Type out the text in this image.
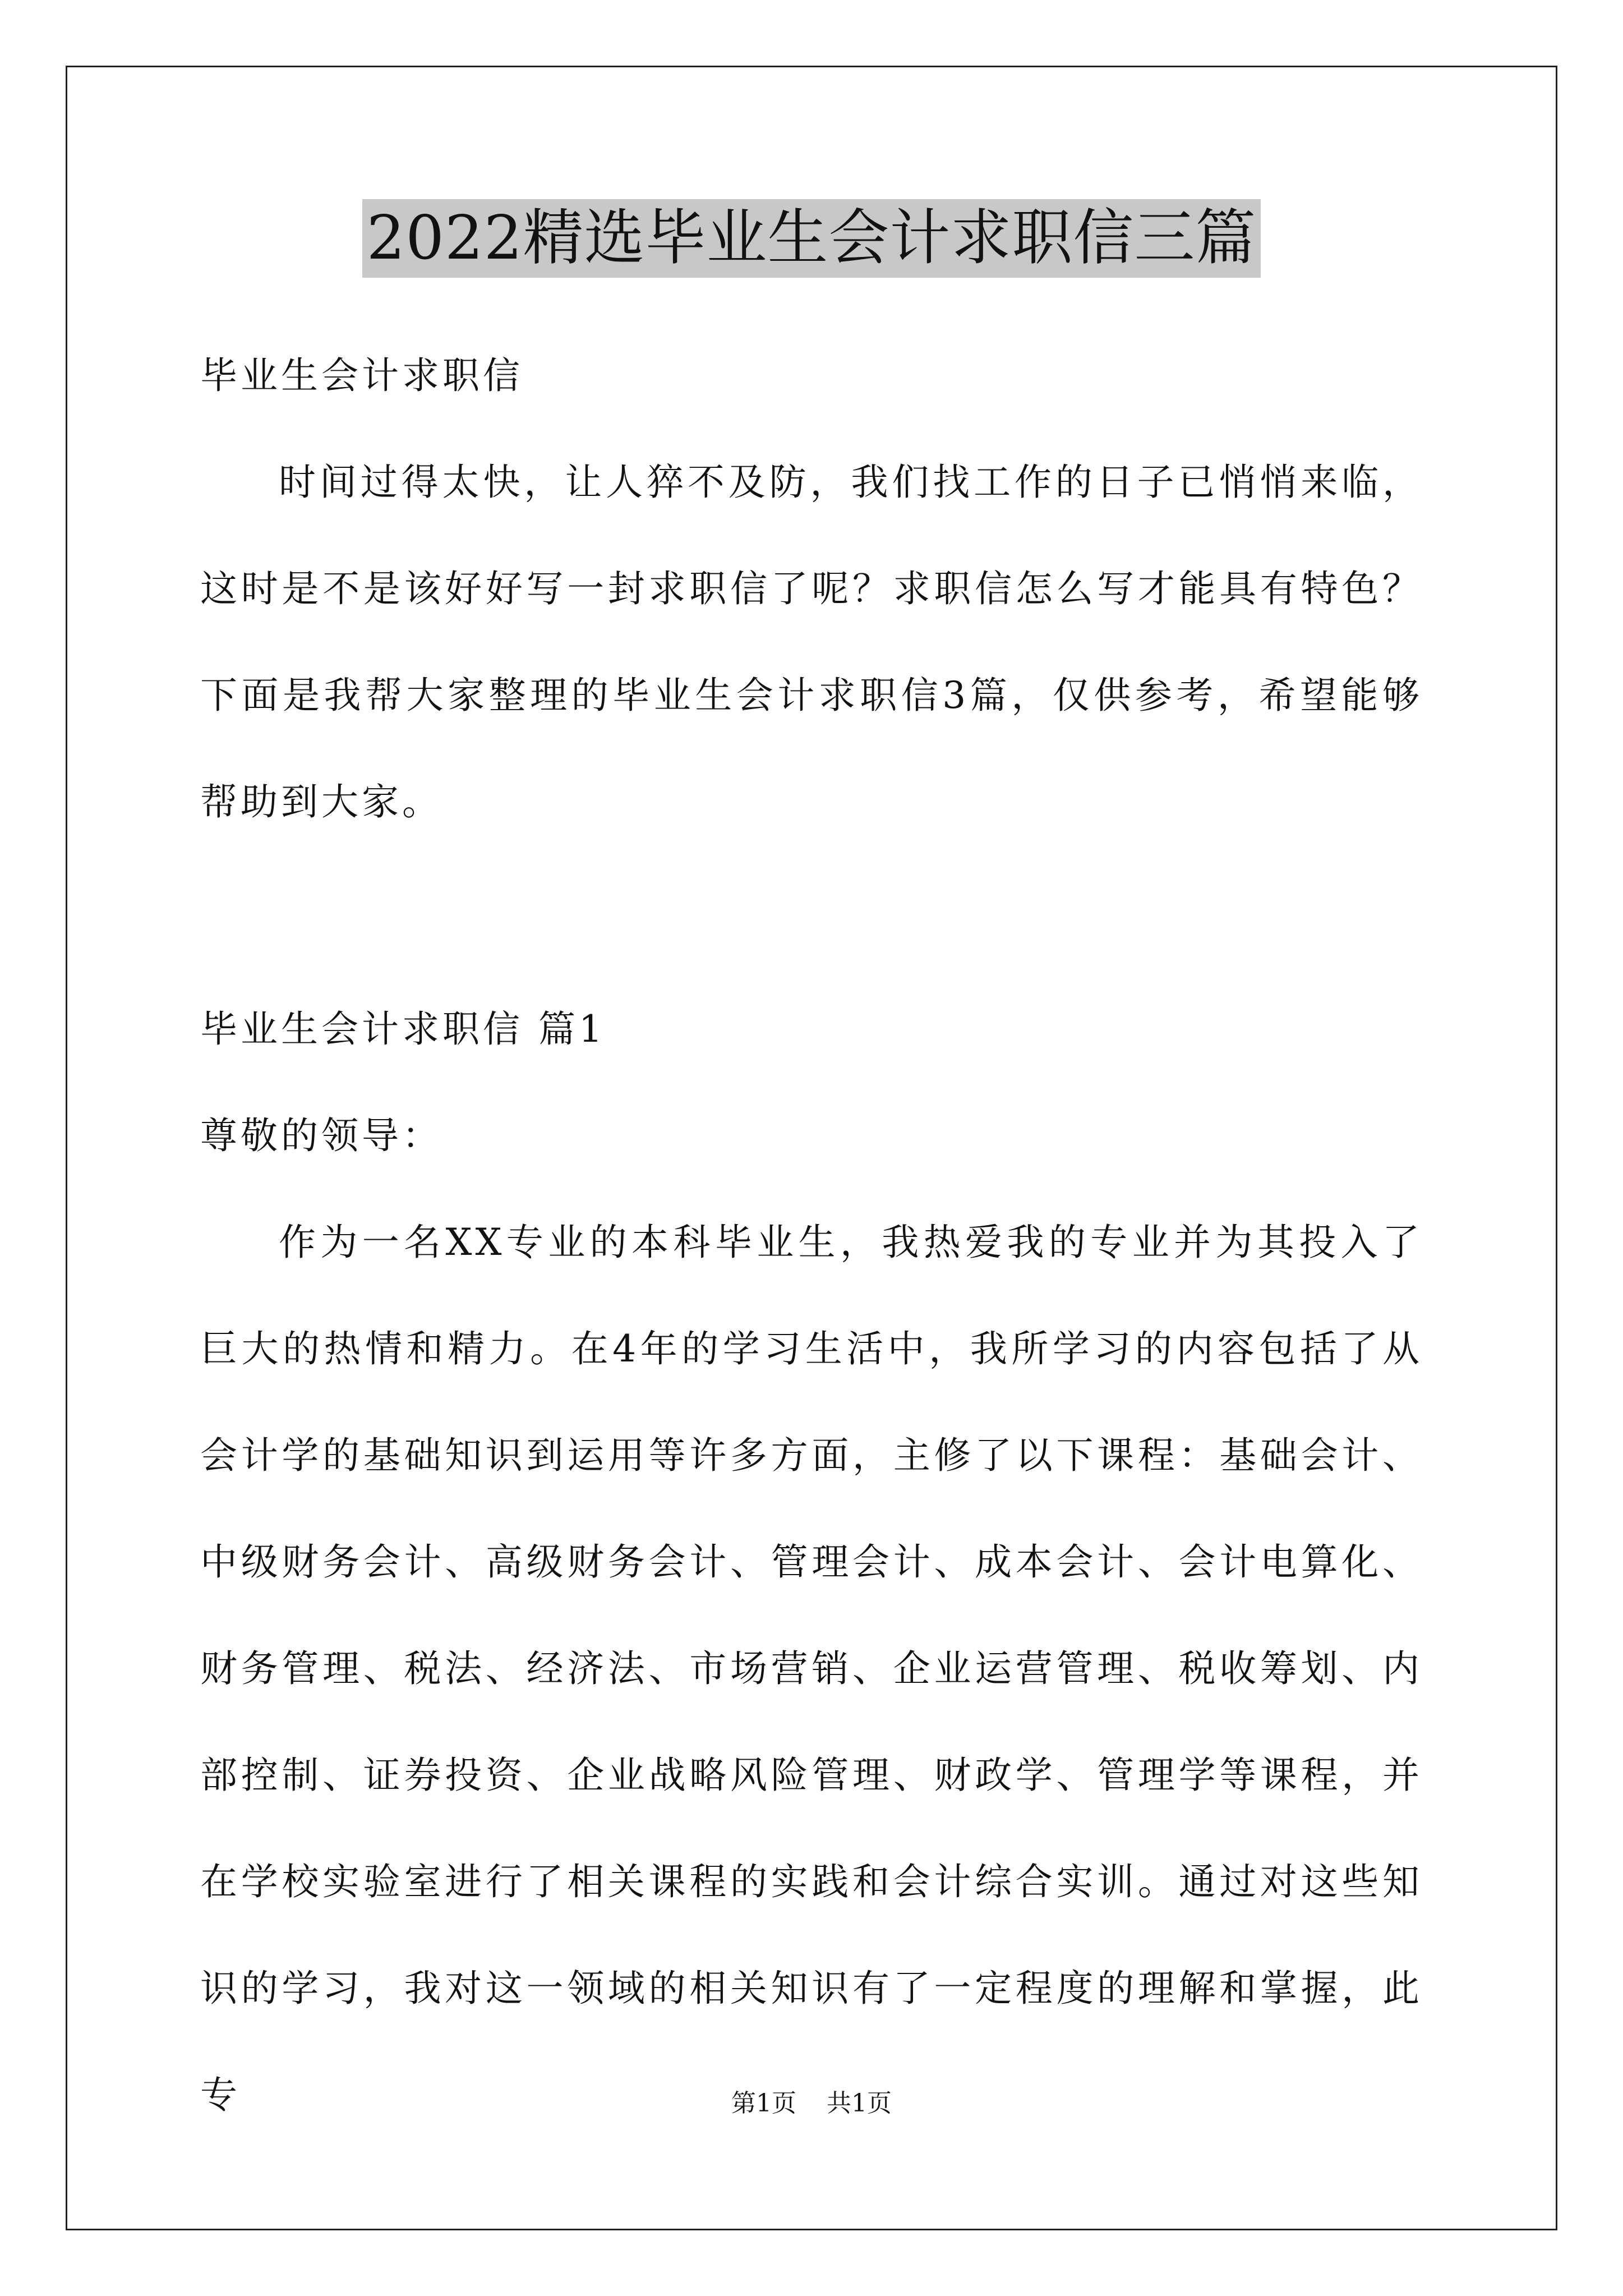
2022精选毕业生会计求职信三篇
毕业生会计求职信
时间过得太快，让人猝不及防，我们找工作的日子已悄悄来临，这时是不是该好好写一封求职信了呢？求职信怎么写才能具有特色？下面是我帮大家整理的毕业生会计求职信3篇，仅供参考，希望能够帮助到大家。
毕业生会计求职信 篇1
尊敬的领导：
作为一名XX专业的本科毕业生，我热爱我的专业并为其投入了巨大的热情和精力。在4年的学习生活中，我所学习的内容包括了从会计学的基础知识到运用等许多方面，主修了以下课程：基础会计、中级财务会计、高级财务会计、管理会计、成本会计、会计电算化、财务管理、税法、经济法、市场营销、企业运营管理、税收筹划、内部控制、证券投资、企业战略风险管理、财政学、管理学等课程，并在学校实验室进行了相关课程的实践和会计综合实训。通过对这些知识的学习，我对这一领域的相关知识有了一定程度的理解和掌握，此专	第1页 共1页
